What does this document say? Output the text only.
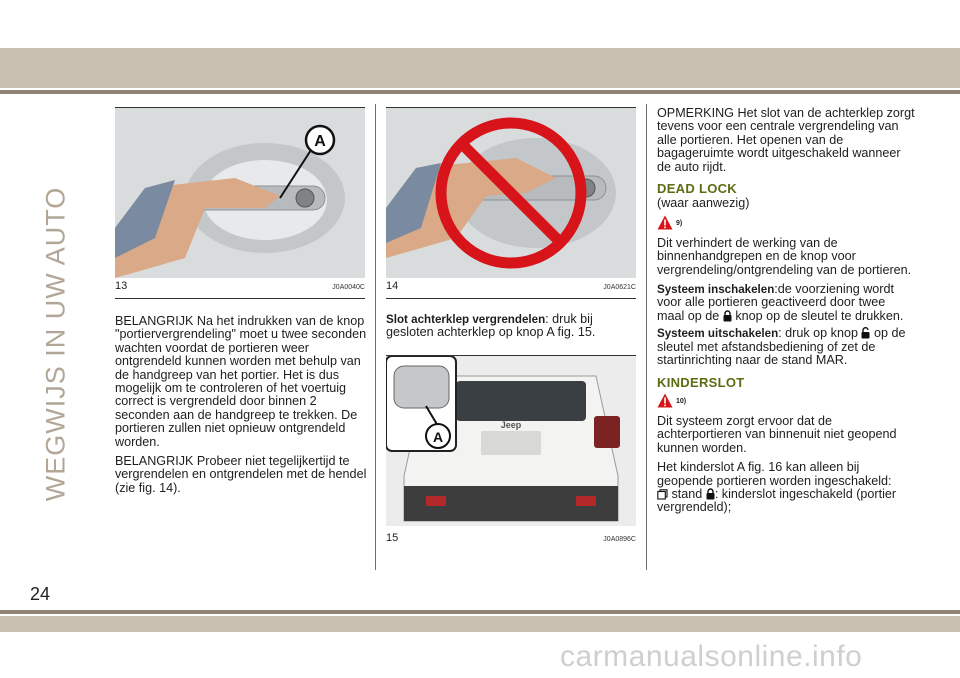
WEGWIJS IN UW AUTO
24
A
13	J0A0040C 14	J0A0621C
Jeep
A
15	J0A0896C

BELANGRIJK Na het indrukken van de knop "portiervergrendeling" moet u twee seconden wachten voordat de portieren weer ontgrendeld kunnen worden met behulp van de handgreep van het portier. Het is dus mogelijk om te controleren of het voertuig correct is vergrendeld door binnen 2 seconden aan de handgreep te trekken. De portieren zullen niet opnieuw ontgrendeld worden.

BELANGRIJK Probeer niet tegelijkertijd te vergrendelen en ontgrendelen met de hendel (zie fig. 14).

Slot achterklep vergrendelen: druk bij gesloten achterklep op knop A fig. 15.

OPMERKING Het slot van de achterklep zorgt tevens voor een centrale vergrendeling van alle portieren. Het openen van de bagageruimte wordt uitgeschakeld wanneer de auto rijdt.

DEAD LOCK
(waar aanwezig)
9)

Dit verhindert de werking van de binnenhandgrepen en de knop voor vergrendeling/ontgrendeling van de portieren.

Systeem inschakelen:de voorziening wordt voor alle portieren geactiveerd door twee maal op de knop op de sleutel te drukken.

Systeem uitschakelen: druk op knop op de sleutel met afstandsbediening of zet de startinrichting naar de stand MAR.

KINDERSLOT
10)

Dit systeem zorgt ervoor dat de achterportieren van binnenuit niet geopend kunnen worden.

Het kinderslot A fig. 16 kan alleen bij geopende portieren worden ingeschakeld:
stand : kinderslot ingeschakeld (portier vergrendeld);

carmanualsonline.info
